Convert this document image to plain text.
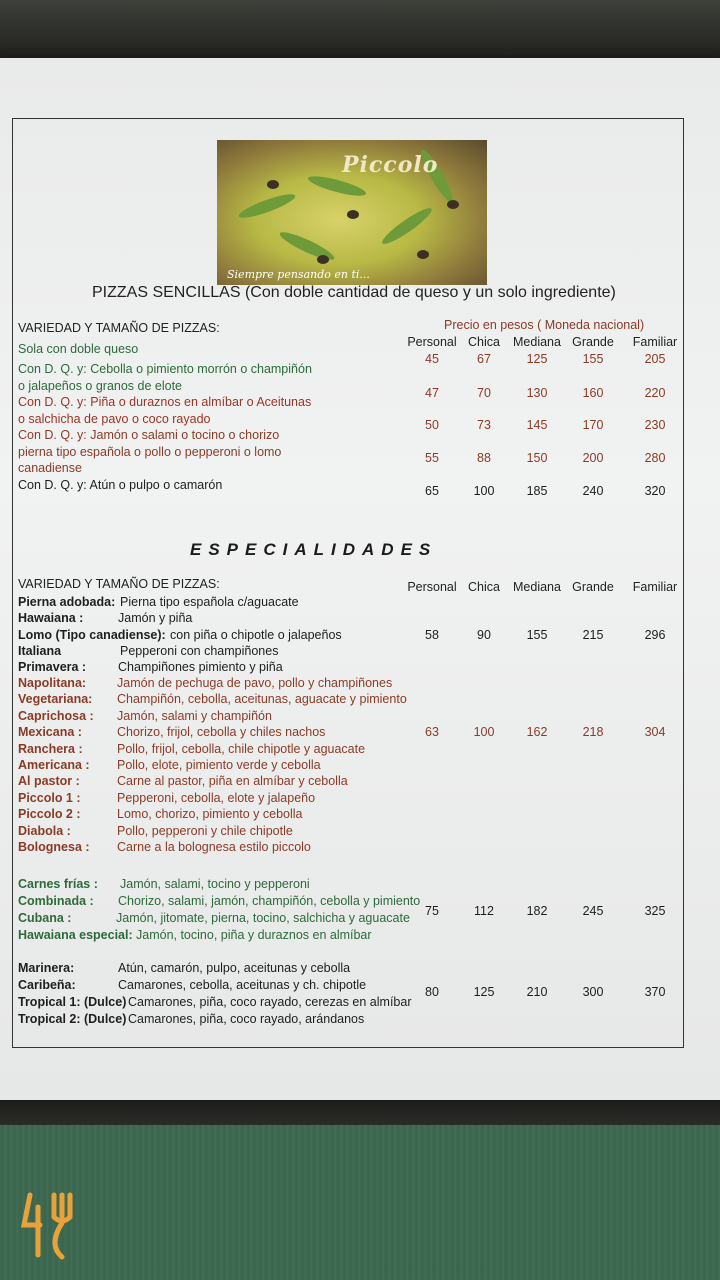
Piccolo
Siempre pensando en ti...
PIZZAS SENCILLAS (Con doble cantidad de queso y un solo ingrediente)
VARIEDAD Y TAMAÑO DE PIZZAS:	Precio en pesos ( Moneda nacional)
Personal Chica	Mediana Grande	Familiar
Sola con doble queso
45	67	125	155	205
Con D. Q. y: Cebolla o pimiento morrón o champiñón
o jalapeños o granos de elote
47	70	130	160	220
Con D. Q. y: Piña o duraznos en almíbar o Aceitunas
o salchicha de pavo o coco rayado	50	73	145	170	230
Con D. Q. y: Jamón o salami o tocino o chorizo
pierna tipo española o pollo o pepperoni o lomo
canadiense
55	88	150	200	280
Con D. Q. y: Atún o pulpo o camarón	65	100	185	240	320
ESPECIALIDADES
VARIEDAD Y TAMAÑO DE PIZZAS:	Personal Chica	Mediana Grande	Familiar
Pierna adobada: Pierna tipo española c/aguacate
Hawaiana :	Jamón y piña
Lomo (Tipo canadiense): con piña o chipotle o jalapeños
Italiana	Pepperoni con champiñones
Primavera :	Champiñones pimiento y piña
58	90	155	215	296
Napolitana: Jamón de pechuga de pavo, pollo y champiñones
Vegetariana: Champiñón, cebolla, aceitunas, aguacate y pimiento
Caprichosa : Jamón, salami y champiñón
Mexicana :	Chorizo, frijol, cebolla y chiles nachos
Ranchera :	Pollo, frijol, cebolla, chile chipotle y aguacate
Americana : Pollo, elote, pimiento verde y cebolla
Al pastor :	Carne al pastor, piña en almíbar y cebolla
Piccolo 1 :	Pepperoni, cebolla, elote y jalapeño
Piccolo 2 :	Lomo, chorizo, pimiento y cebolla
Diabola :	Pollo, pepperoni y chile chipotle
Bolognesa : Carne a la bolognesa estilo piccolo
63	100	162	218	304
Carnes frías : Jamón, salami, tocino y pepperoni
Combinada : Chorizo, salami, jamón, champiñón, cebolla y pimiento
Cubana :	Jamón, jitomate, pierna, tocino, salchicha y aguacate
Hawaiana especial: Jamón, tocino, piña y duraznos en almíbar
75	112	182	245	325
Marinera:	Atún, camarón, pulpo, aceitunas y cebolla
Caribeña:	Camarones, cebolla, aceitunas y ch. chipotle
Tropical 1: (Dulce) Camarones, piña, coco rayado, cerezas en almíbar
Tropical 2: (Dulce) Camarones, piña, coco rayado, arándanos
80	125	210	300	370
